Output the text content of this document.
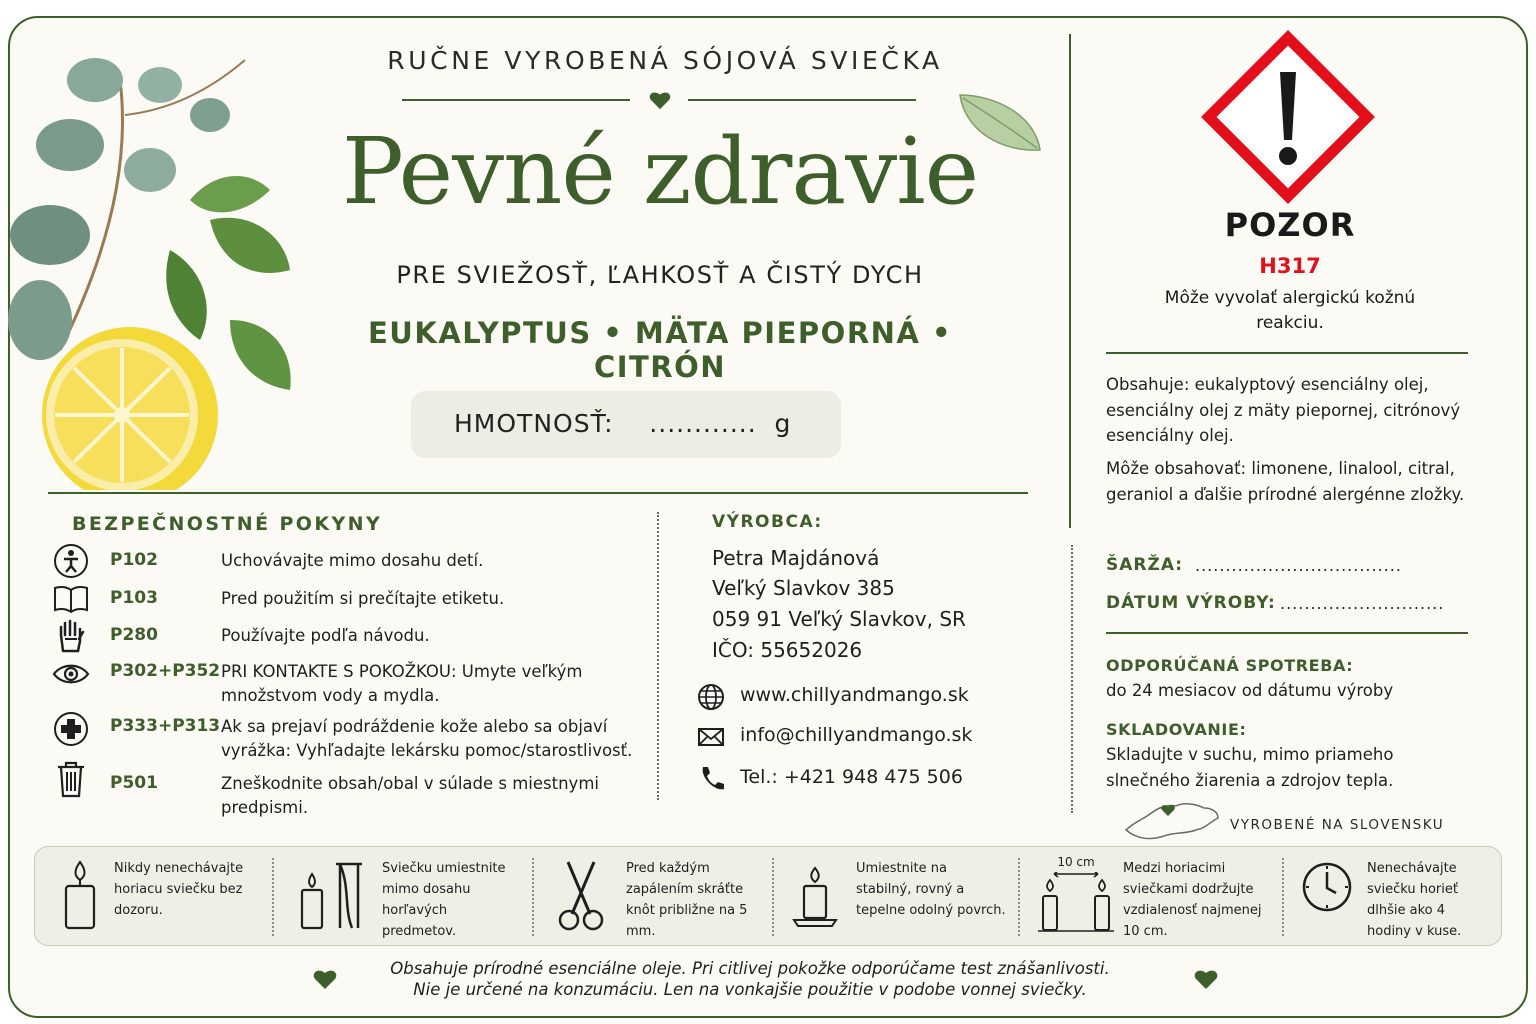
RUČNE VYROBENÁ SÓJOVÁ SVIEČKA
Pevné zdravie
PRE SVIEŽOSŤ, ĽAHKOSŤ A ČISTÝ DYCH
EUKALYPTUS • MÄTA PIEPORNÁ • CITRÓN
HMOTNOSŤ:    ............  g
BEZPEČNOSTNÉ POKYNY
P102	Uchovávajte mimo dosahu detí.
P103	Pred použitím si prečítajte etiketu.
P280	Používajte podľa návodu.
P302+P352 PRI KONTAKTE S POKOŽKOU: Umyte veľkým množstvom vody a mydla.
P333+P313 Ak sa prejaví podráždenie kože alebo sa objaví vyrážka: Vyhľadajte lekársku pomoc/starostlivosť.
P501	Zneškodnite obsah/obal v súlade s miestnymi predpismi.
VÝROBCA:
Petra Majdánová
Veľký Slavkov 385
059 91 Veľký Slavkov, SR
IČO: 55652026
www.chillyandmango.sk
info@chillyandmango.sk
Tel.: +421 948 475 506
POZOR
H317
Môže vyvolať alergickú kožnú reakciu.
Obsahuje: eukalyptový esenciálny olej, esenciálny olej z mäty piepornej, citrónový esenciálny olej.
Môže obsahovať: limonene, linalool, citral, geraniol a ďalšie prírodné alergénne zložky.
ŠARŽA: ..................................
DÁTUM VÝROBY: ...........................
ODPORÚČANÁ SPOTREBA:
do 24 mesiacov od dátumu výroby
SKLADOVANIE:
Skladujte v suchu, mimo priameho slnečného žiarenia a zdrojov tepla.
VYROBENÉ NA SLOVENSKU
Nikdy nenechávajte horiacu sviečku bez dozoru.
Sviečku umiestnite mimo dosahu horľavých predmetov.
Pred každým zapálením skráťte knôt približne na 5 mm.
Umiestnite na stabilný, rovný a tepelne odolný povrch.
10 cm	Medzi horiacimi sviečkami dodržujte vzdialenosť najmenej 10 cm.
Nenechávajte sviečku horieť dlhšie ako 4 hodiny v kuse.
Obsahuje prírodné esenciálne oleje. Pri citlivej pokožke odporúčame test znášanlivosti.
Nie je určené na konzumáciu. Len na vonkajšie použitie v podobe vonnej sviečky.
